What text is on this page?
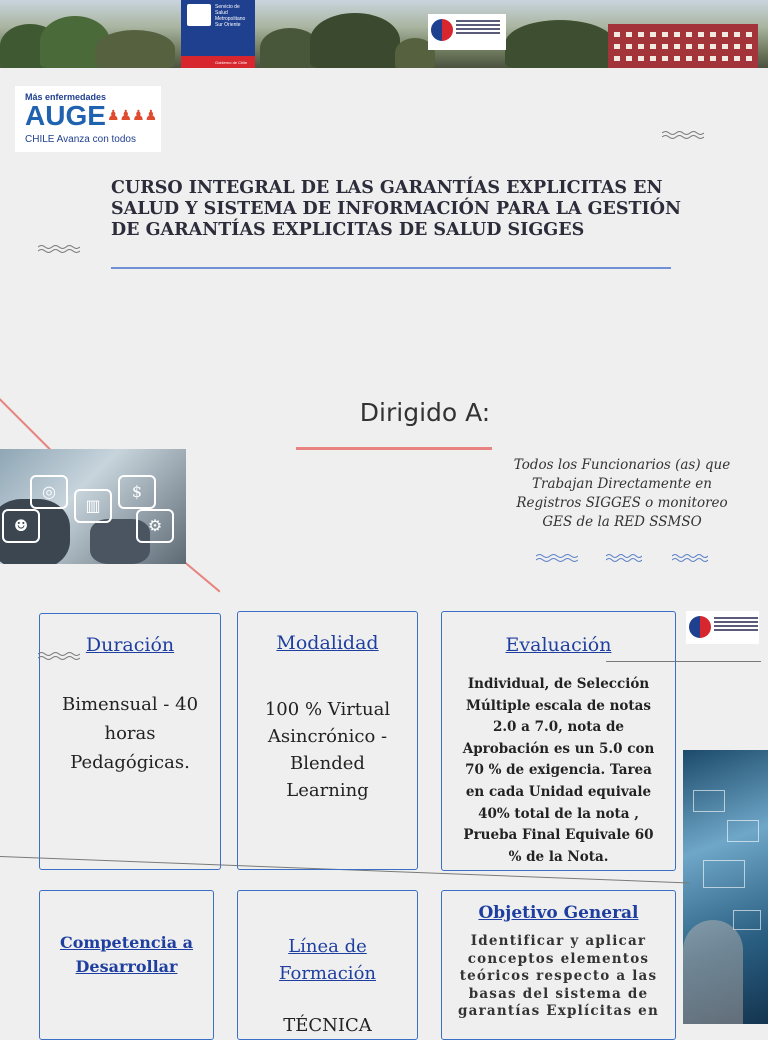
Servicio de Salud Metropolitano Sur Oriente
Gobierno de Chile
Más enfermedades
AUGE ♟♟♟♟
CHILE Avanza con todos
CURSO INTEGRAL DE LAS GARANTÍAS EXPLICITAS EN SALUD Y SISTEMA DE INFORMACIÓN PARA LA GESTIÓN DE GARANTÍAS EXPLICITAS DE SALUD SIGGES
Dirigido A:
Todos los Funcionarios (as) que Trabajan Directamente en Registros SIGGES o monitoreo GES de la RED SSMSO
◎
▥
$
⚙
☻
Duración
Bimensual - 40 horas Pedagógicas.
Modalidad
100 % Virtual Asincrónico - Blended Learning
Evaluación
Individual, de Selección Múltiple escala de notas 2.0 a 7.0, nota de Aprobación es un 5.0 con 70 % de exigencia. Tarea en cada Unidad equivale 40% total de la nota , Prueba Final Equivale 60 % de la Nota.
Competencia a Desarrollar
Línea de Formación
TÉCNICA
Objetivo General
Identificar y aplicar conceptos elementos teóricos respecto a las basas del sistema de garantías Explícitas en
